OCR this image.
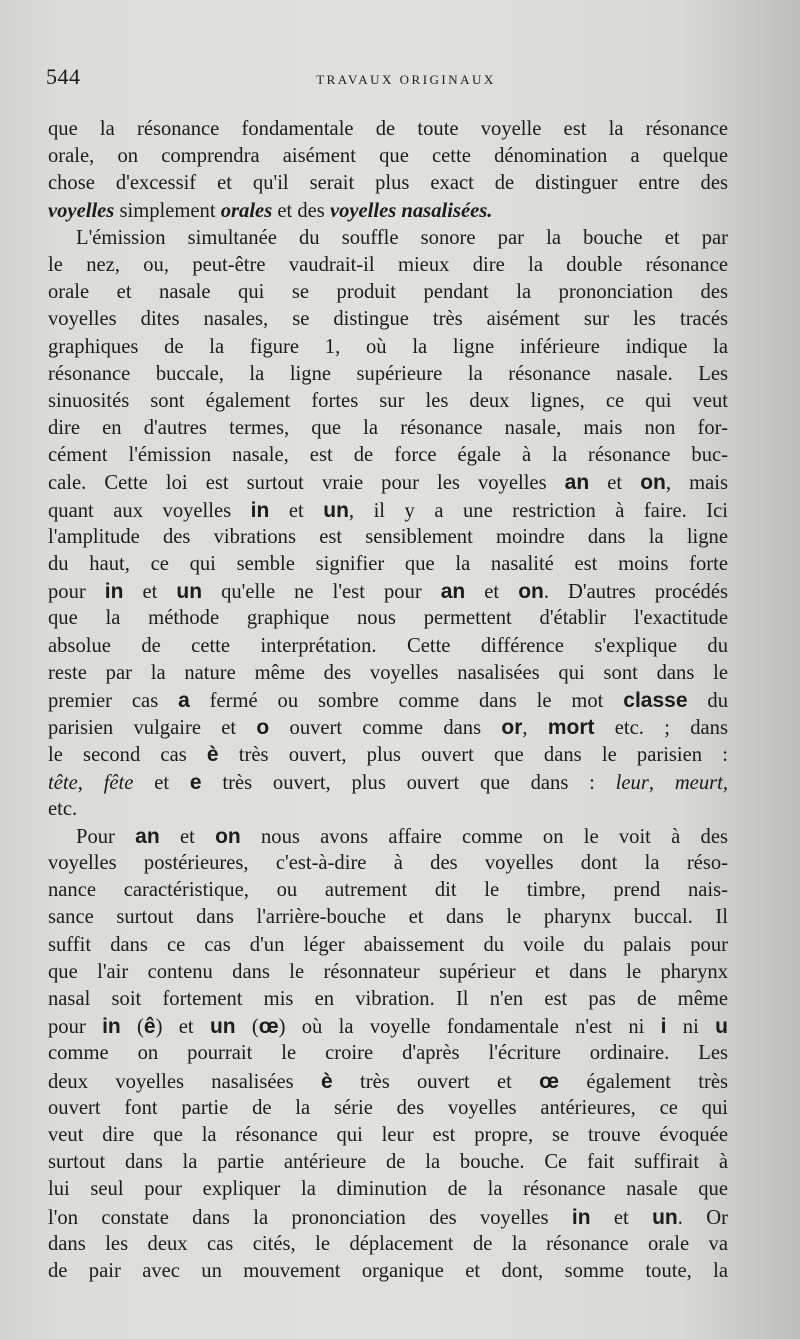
544	TRAVAUX ORIGINAUX
que la résonance fondamentale de toute voyelle est la résonance
orale, on comprendra aisément que cette dénomination a quelque
chose d'excessif et qu'il serait plus exact de distinguer entre des
voyelles simplement orales et des voyelles nasalisées.
L'émission simultanée du souffle sonore par la bouche et par
le nez, ou, peut-être vaudrait-il mieux dire la double résonance
orale et nasale qui se produit pendant la prononciation des
voyelles dites nasales, se distingue très aisément sur les tracés
graphiques de la figure 1, où la ligne inférieure indique la
résonance buccale, la ligne supérieure la résonance nasale. Les
sinuosités sont également fortes sur les deux lignes, ce qui veut
dire en d'autres termes, que la résonance nasale, mais non for-
cément l'émission nasale, est de force égale à la résonance buc-
cale. Cette loi est surtout vraie pour les voyelles an et on, mais
quant aux voyelles in et un, il y a une restriction à faire. Ici
l'amplitude des vibrations est sensiblement moindre dans la ligne
du haut, ce qui semble signifier que la nasalité est moins forte
pour in et un qu'elle ne l'est pour an et on. D'autres procédés
que la méthode graphique nous permettent d'établir l'exactitude
absolue de cette interprétation. Cette différence s'explique du
reste par la nature même des voyelles nasalisées qui sont dans le
premier cas a fermé ou sombre comme dans le mot classe du
parisien vulgaire et o ouvert comme dans or, mort etc. ; dans
le second cas è très ouvert, plus ouvert que dans le parisien :
tête, fête et e très ouvert, plus ouvert que dans : leur, meurt,
etc.
Pour an et on nous avons affaire comme on le voit à des
voyelles postérieures, c'est-à-dire à des voyelles dont la réso-
nance caractéristique, ou autrement dit le timbre, prend nais-
sance surtout dans l'arrière-bouche et dans le pharynx buccal. Il
suffit dans ce cas d'un léger abaissement du voile du palais pour
que l'air contenu dans le résonnateur supérieur et dans le pharynx
nasal soit fortement mis en vibration. Il n'en est pas de même
pour in (ê) et un (œ) où la voyelle fondamentale n'est ni i ni u
comme on pourrait le croire d'après l'écriture ordinaire. Les
deux voyelles nasalisées è très ouvert et œ également très
ouvert font partie de la série des voyelles antérieures, ce qui
veut dire que la résonance qui leur est propre, se trouve évoquée
surtout dans la partie antérieure de la bouche. Ce fait suffirait à
lui seul pour expliquer la diminution de la résonance nasale que
l'on constate dans la prononciation des voyelles in et un. Or
dans les deux cas cités, le déplacement de la résonance orale va
de pair avec un mouvement organique et dont, somme toute, la
